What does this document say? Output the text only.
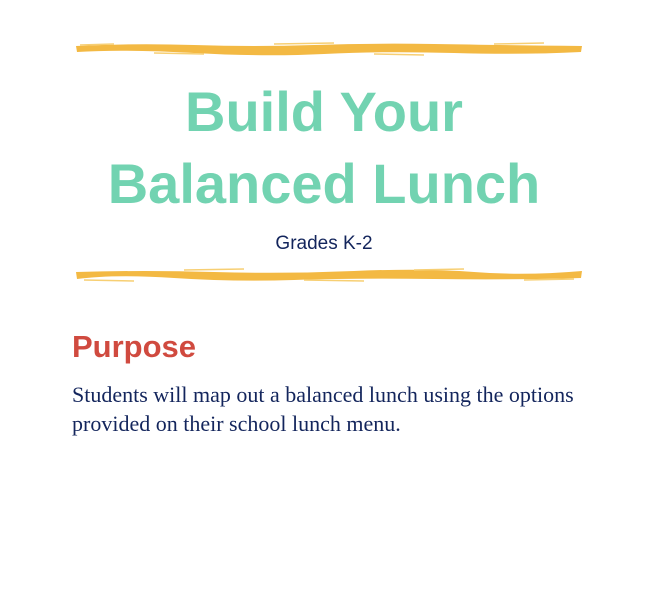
Build Your
Balanced Lunch
Grades K-2
Purpose

Students will map out a balanced lunch using the options provided on their school lunch menu.
